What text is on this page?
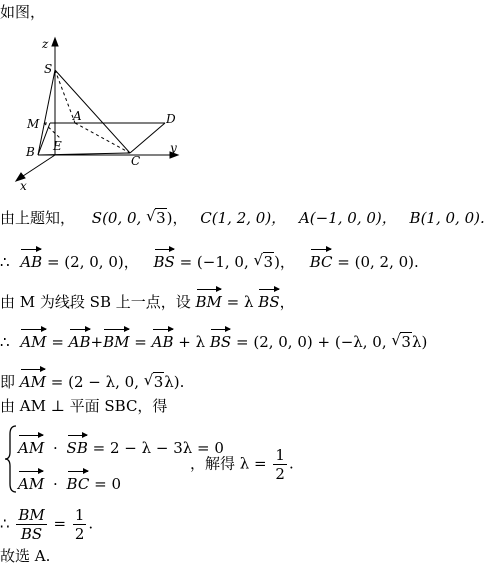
如图，
z
S
M
A	D
B E
C
y
x
由上题知， S(0, 0, √ 3)， C(1, 2, 0)， A(−1, 0, 0)， B(1, 0, 0).
∴ AB = (2, 0, 0)， BS = (−1, 0, √ 3)， BC = (0, 2, 0).
由 M 为线段 SB 上一点，设 BM = λ BS，
∴ AM = AB+BM = AB + λ BS = (2, 0, 0) + (−λ, 0, √ 3λ)
即 AM = (2 − λ, 0, √ 3λ).
由 AM ⊥ 平面 SBC，得
AM · SB = 2 − λ − 3λ = 0
，解得 $\lambda = \frac{1}{2}$ .
AM · BC = 0
∴ $\frac{BM}{BS} = \frac{1}{2}$ .
故选 A.
